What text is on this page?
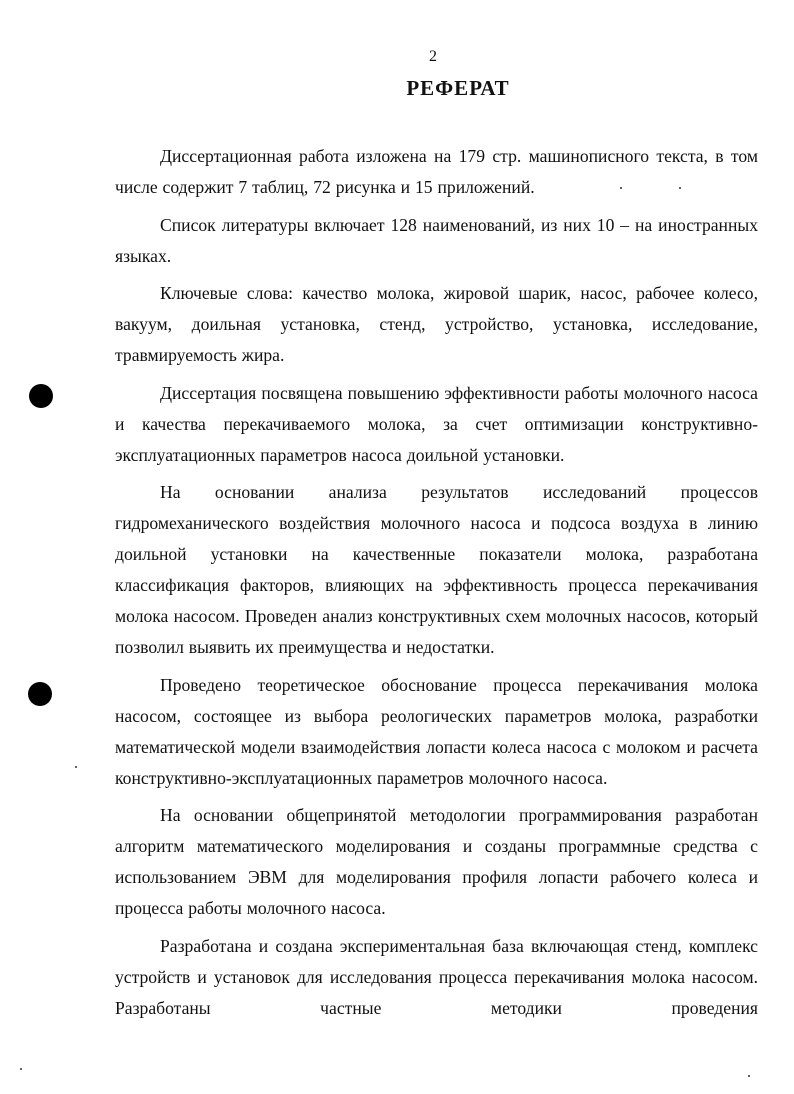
2
РЕФЕРАТ

Диссертационная работа изложена на 179 стр. машинописного текста, в том числе содержит 7 таблиц, 72 рисунка и 15 приложений.

Список литературы включает 128 наименований, из них 10 – на иностранных языках.

Ключевые слова: качество молока, жировой шарик, насос, рабочее колесо, вакуум, доильная установка, стенд, устройство, установка, исследование, травмируемость жира.

Диссертация посвящена повышению эффективности работы молочного насоса и качества перекачиваемого молока, за счет оптимизации конструктивно-эксплуатационных параметров насоса доильной установки.

На основании анализа результатов исследований процессов гидромеханического воздействия молочного насоса и подсоса воздуха в линию доильной установки на качественные показатели молока, разработана классификация факторов, влияющих на эффективность процесса перекачивания молока насосом. Проведен анализ конструктивных схем молочных насосов, который позволил выявить их преимущества и недостатки.

Проведено теоретическое обоснование процесса перекачивания молока насосом, состоящее из выбора реологических параметров молока, разработки математической модели взаимодействия лопасти колеса насоса с молоком и расчета конструктивно-эксплуатационных параметров молочного насоса.

На основании общепринятой методологии программирования разработан алгоритм математического моделирования и созданы программные средства с использованием ЭВМ для моделирования профиля лопасти рабочего колеса и процесса работы молочного насоса.

Разработана и создана экспериментальная база включающая стенд, комплекс устройств и установок для исследования процесса перекачивания молока насосом. Разработаны частные методики проведения
